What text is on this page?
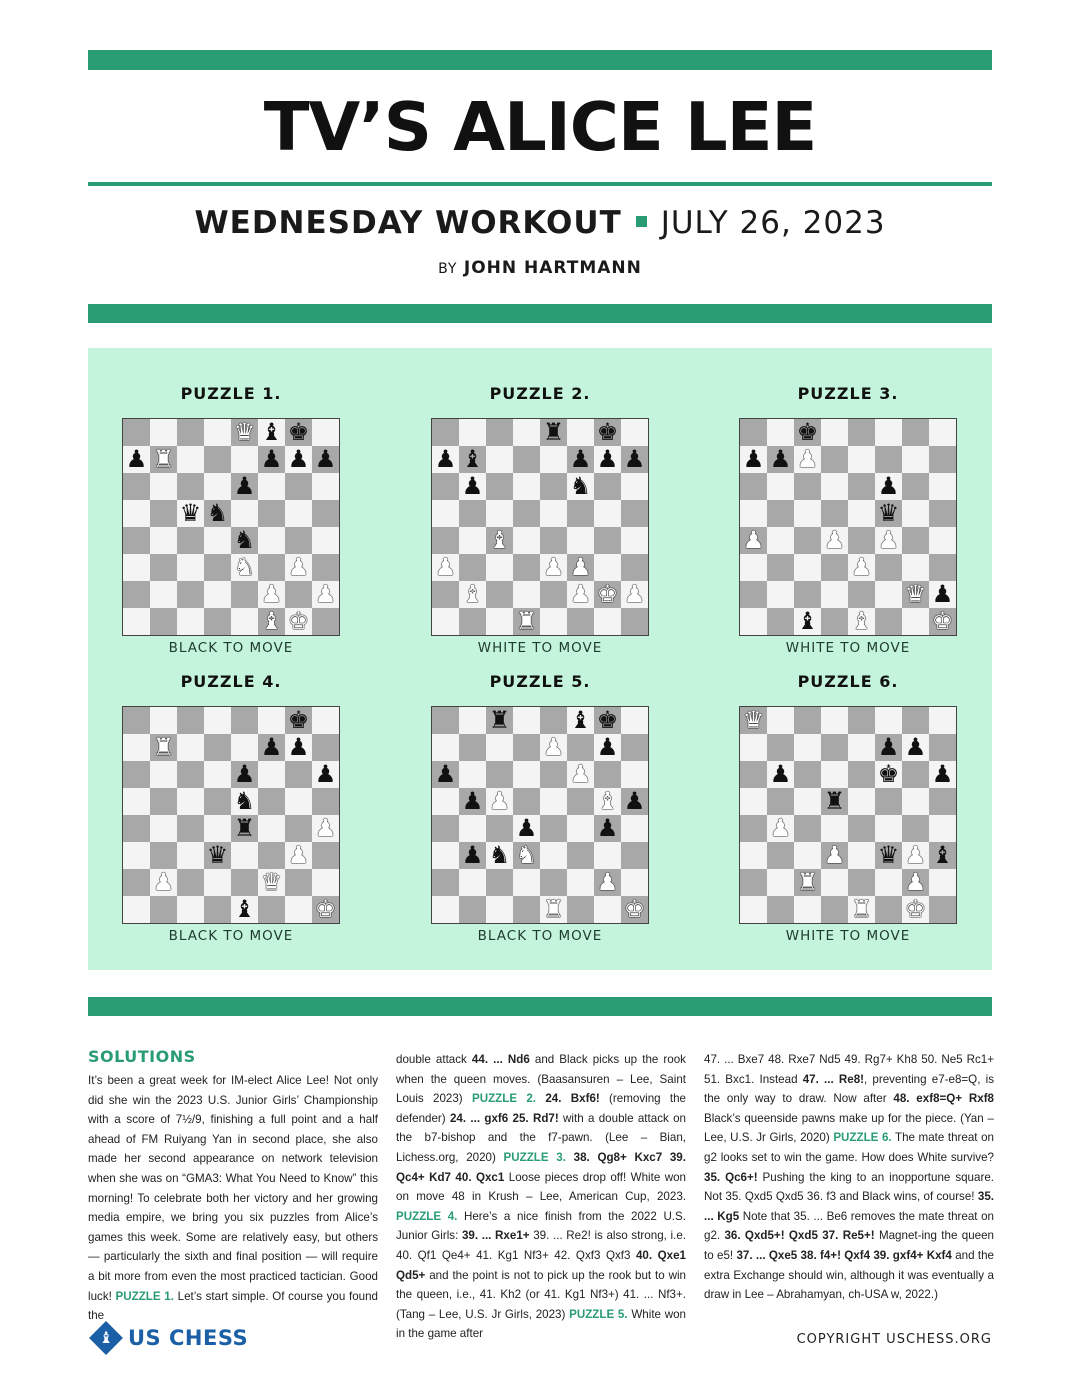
TV’S ALICE LEE
WEDNESDAY WORKOUT JULY 26, 2023
BY JOHN HARTMANN
PUZZLE 1.
♛ ♝ ♚
♟ ♜	♟ ♟ ♟
♟
♛ ♞
♞
♞ ♟
♟ ♟
♝ ♚
BLACK TO MOVE
PUZZLE 2.
♜ ♚
♟ ♝	♟ ♟ ♟
♟	♞
♝
♟	♟ ♟
♝	♟ ♚ ♟
♜
WHITE TO MOVE
PUZZLE 3.
♚
♟ ♟ ♟
♟
♛
♟ ♟ ♟
♟
♛ ♟
♝ ♝ ♚
WHITE TO MOVE
PUZZLE 4.
♚
♜	♟ ♟
♟ ♟
♞
♜ ♟
♛ ♟
♟	♛
♝ ♚
BLACK TO MOVE
PUZZLE 5.
♜ ♝ ♚
♟ ♟
♟	♟
♟ ♟	♝ ♟
♟ ♟
♟ ♞ ♞
♟
♜ ♚
BLACK TO MOVE
PUZZLE 6.
♛
♟ ♟
♟	♚ ♟
♜
♟
♟ ♛ ♟ ♝
♜	♟
♜ ♚
WHITE TO MOVE
SOLUTIONS
It’s been a great week for IM-elect Alice Lee! Not only did she win the 2023 U.S. Junior Girls’ Championship with a score of 7½/9, finishing a full point and a half ahead of FM Ruiyang Yan in second place, she also made her second appearance on network television when she was on “GMA3: What You Need to Know” this morning! To celebrate both her victory and her growing media empire, we bring you six puzzles from Alice’s games this week. Some are relatively easy, but others — particularly the sixth and final position — will require a bit more from even the most practiced tactician. Good luck! PUZZLE 1. Let’s start simple. Of course you found the
double attack 44. ... Nd6 and Black picks up the rook when the queen moves. (Baasansuren – Lee, Saint Louis 2023) PUZZLE 2. 24. Bxf6! (removing the defender) 24. ... gxf6 25. Rd7! with a double attack on the b7-bishop and the f7-pawn. (Lee – Bian, Lichess.org, 2020) PUZZLE 3. 38. Qg8+ Kxc7 39. Qc4+ Kd7 40. Qxc1 Loose pieces drop off! White won on move 48 in Krush – Lee, American Cup, 2023. PUZZLE 4. Here’s a nice finish from the 2022 U.S. Junior Girls: 39. ... Rxe1+ 39. ... Re2! is also strong, i.e. 40. Qf1 Qe4+ 41. Kg1 Nf3+ 42. Qxf3 Qxf3 40. Qxe1 Qd5+ and the point is not to pick up the rook but to win the queen, i.e., 41. Kh2 (or 41. Kg1 Nf3+) 41. ... Nf3+. (Tang – Lee, U.S. Jr Girls, 2023) PUZZLE 5. White won in the game after
47. ... Bxe7 48. Rxe7 Nd5 49. Rg7+ Kh8 50. Ne5 Rc1+ 51. Bxc1. Instead 47. ... Re8!, preventing e7-e8=Q, is the only way to draw. Now after 48. exf8=Q+ Rxf8 Black’s queenside pawns make up for the piece. (Yan – Lee, U.S. Jr Girls, 2020) PUZZLE 6. The mate threat on g2 looks set to win the game. How does White survive? 35. Qc6+! Pushing the king to an inopportune square. Not 35. Qxd5 Qxd5 36. f3 and Black wins, of course! 35. ... Kg5 Note that 35. ... Be6 removes the mate threat on g2. 36. Qxd5+! Qxd5 37. Re5+! Magnet-ing the queen to e5! 37. ... Qxe5 38. f4+! Qxf4 39. gxf4+ Kxf4 and the extra Exchange should win, although it was eventually a draw in Lee – Abrahamyan, ch-USA w, 2022.)
♝ US CHESS	COPYRIGHT USCHESS.ORG
